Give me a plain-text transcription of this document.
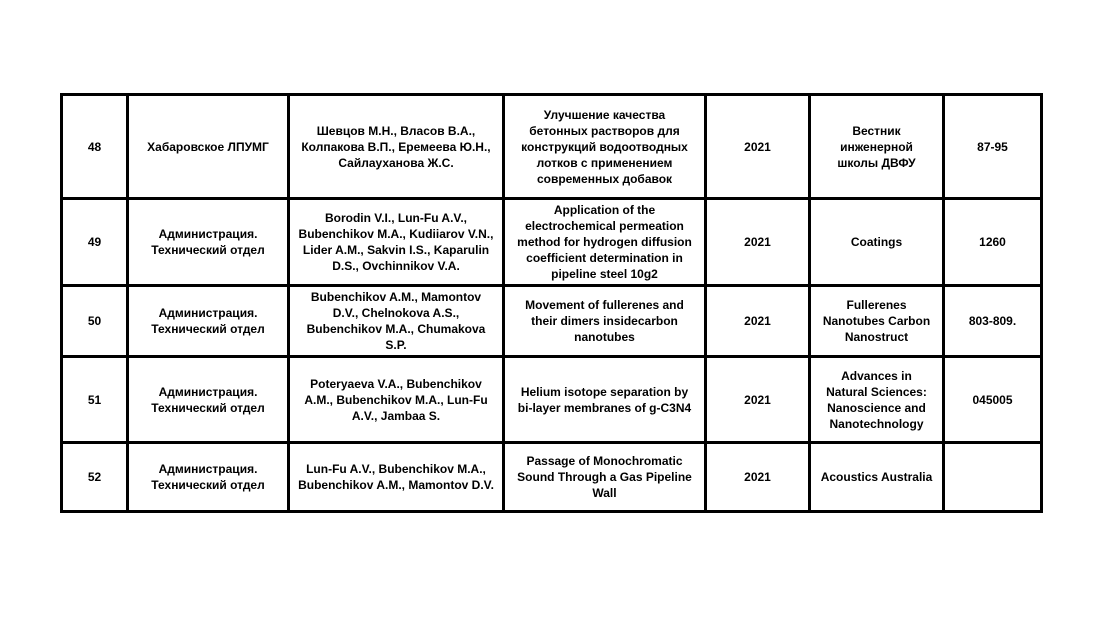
48	Хабаровское ЛПУМГ	Шевцов М.Н., Власов В.А., Колпакова В.П., Еремеева Ю.Н., Сайлауханова Ж.С.	Улучшение качества бетонных растворов для конструкций водоотводных лотков с применением современных добавок	2021	Вестник инженерной школы ДВФУ	87-95
49	Администрация. Технический отдел	Borodin V.I., Lun-Fu A.V., Bubenchikov M.A., Kudiiarov V.N., Lider A.M., Sakvin I.S., Kaparulin D.S., Ovchinnikov V.A.	Application of the electrochemical permeation method for hydrogen diffusion coefficient determination in pipeline steel 10g2	2021	Coatings	1260
50	Администрация. Технический отдел	Bubenchikov A.M., Mamontov D.V., Chelnokova A.S., Bubenchikov M.A., Chumakova S.P.	Movement of fullerenes and their dimers insidecarbon nanotubes	2021	Fullerenes Nanotubes Carbon Nanostruct	803-809.
51	Администрация. Технический отдел	Poteryaeva V.A., Bubenchikov A.M., Bubenchikov M.A., Lun-Fu A.V., Jambaa S.	Helium isotope separation by bi-layer membranes of g-C3N4	2021	Advances in Natural Sciences: Nanoscience and Nanotechnology	045005
52	Администрация. Технический отдел	Lun-Fu A.V., Bubenchikov M.A., Bubenchikov A.M., Mamontov D.V.	Passage of Monochromatic Sound Through a Gas Pipeline Wall	2021	Acoustics Australia	
